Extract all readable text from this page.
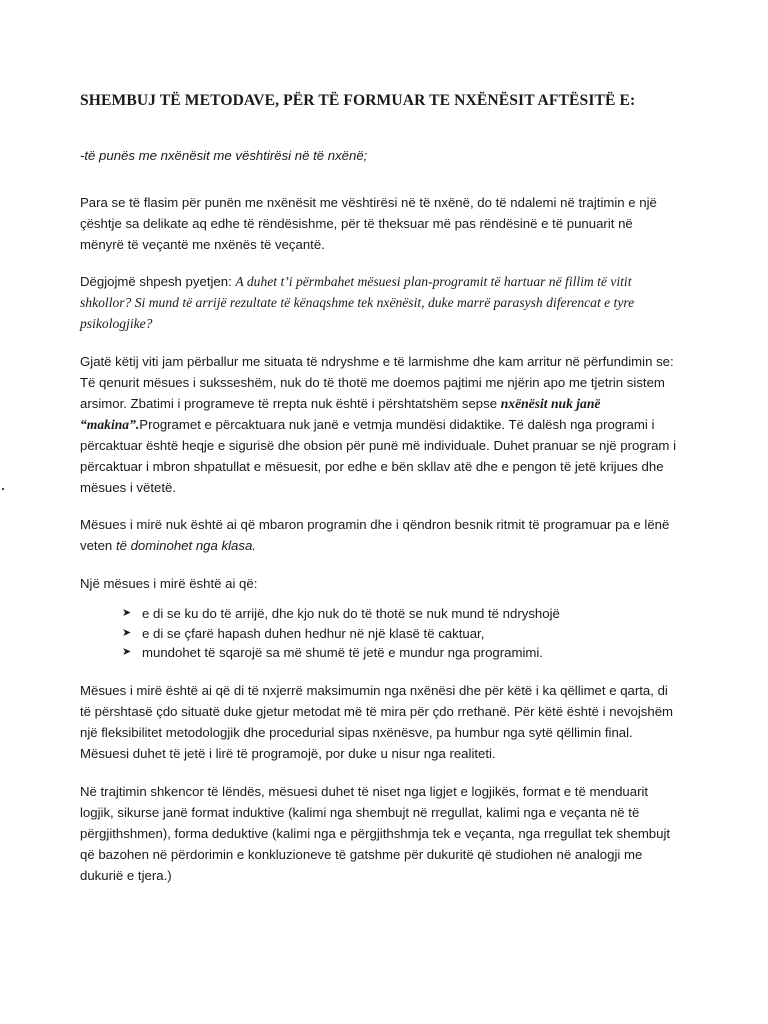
SHEMBUJ TË METODAVE, PËR TË FORMUAR TE NXËNËSIT AFTËSITË E:

-të punës me nxënësit me vështirësi në të nxënë;

Para se të flasim për punën me nxënësit me vështirësi në të nxënë, do të ndalemi në trajtimin e një çështje sa delikate aq edhe të rëndësishme, për të theksuar më pas rëndësinë e të punuarit në mënyrë të veçantë me nxënës të veçantë.

Dëgjojmë shpesh pyetjen: A duhet t’i përmbahet mësuesi plan-programit të hartuar në fillim të vitit shkollor? Si mund të arrijë rezultate të kënaqshme tek nxënësit, duke marrë parasysh diferencat e tyre psikologjike?

Gjatë këtij viti jam përballur me situata të ndryshme e të larmishme dhe kam arritur në përfundimin se: Të qenurit mësues i suksseshëm, nuk do të thotë me doemos pajtimi me njërin apo me tjetrin sistem arsimor. Zbatimi i programeve të rrepta nuk është i përshtatshëm sepse nxënësit nuk janë “makina”.Programet e përcaktuara nuk janë e vetmja mundësi didaktike. Të dalësh nga programi i përcaktuar është heqje e sigurisë dhe obsion për punë më individuale. Duhet pranuar se një program i përcaktuar i mbron shpatullat e mësuesit, por edhe e bën skllav atë dhe e pengon të jetë krijues dhe mësues i vëtetë.

Mësues i mirë nuk është ai që mbaron programin dhe i qëndron besnik ritmit të programuar pa e lënë veten të dominohet nga klasa.

Një mësues i mirë është ai që:

➤ e di se ku do të arrijë, dhe kjo nuk do të thotë se nuk mund të ndryshojë
➤ e di se çfarë hapash duhen hedhur në një klasë të caktuar,
➤ mundohet të sqarojë sa më shumë të jetë e mundur nga programimi.

Mësues i mirë është ai që di të nxjerrë maksimumin nga nxënësi dhe për këtë i ka qëllimet e qarta, di të përshtasë çdo situatë duke gjetur metodat më të mira për çdo rrethanë. Për këtë është i nevojshëm një fleksibilitet metodologjik dhe procedurial sipas nxënësve, pa humbur nga sytë qëllimin final. Mësuesi duhet të jetë i lirë të programojë, por duke u nisur nga realiteti.

Në trajtimin shkencor të lëndës, mësuesi duhet të niset nga ligjet e logjikës, format e të menduarit logjik, sikurse janë format induktive (kalimi nga shembujt në rregullat, kalimi nga e veçanta në të përgjithshmen), forma deduktive (kalimi nga e përgjithshmja tek e veçanta, nga rregullat tek shembujt që bazohen në përdorimin e konkluzioneve të gatshme për dukuritë që studiohen në analogji me dukurië e tjera.)
